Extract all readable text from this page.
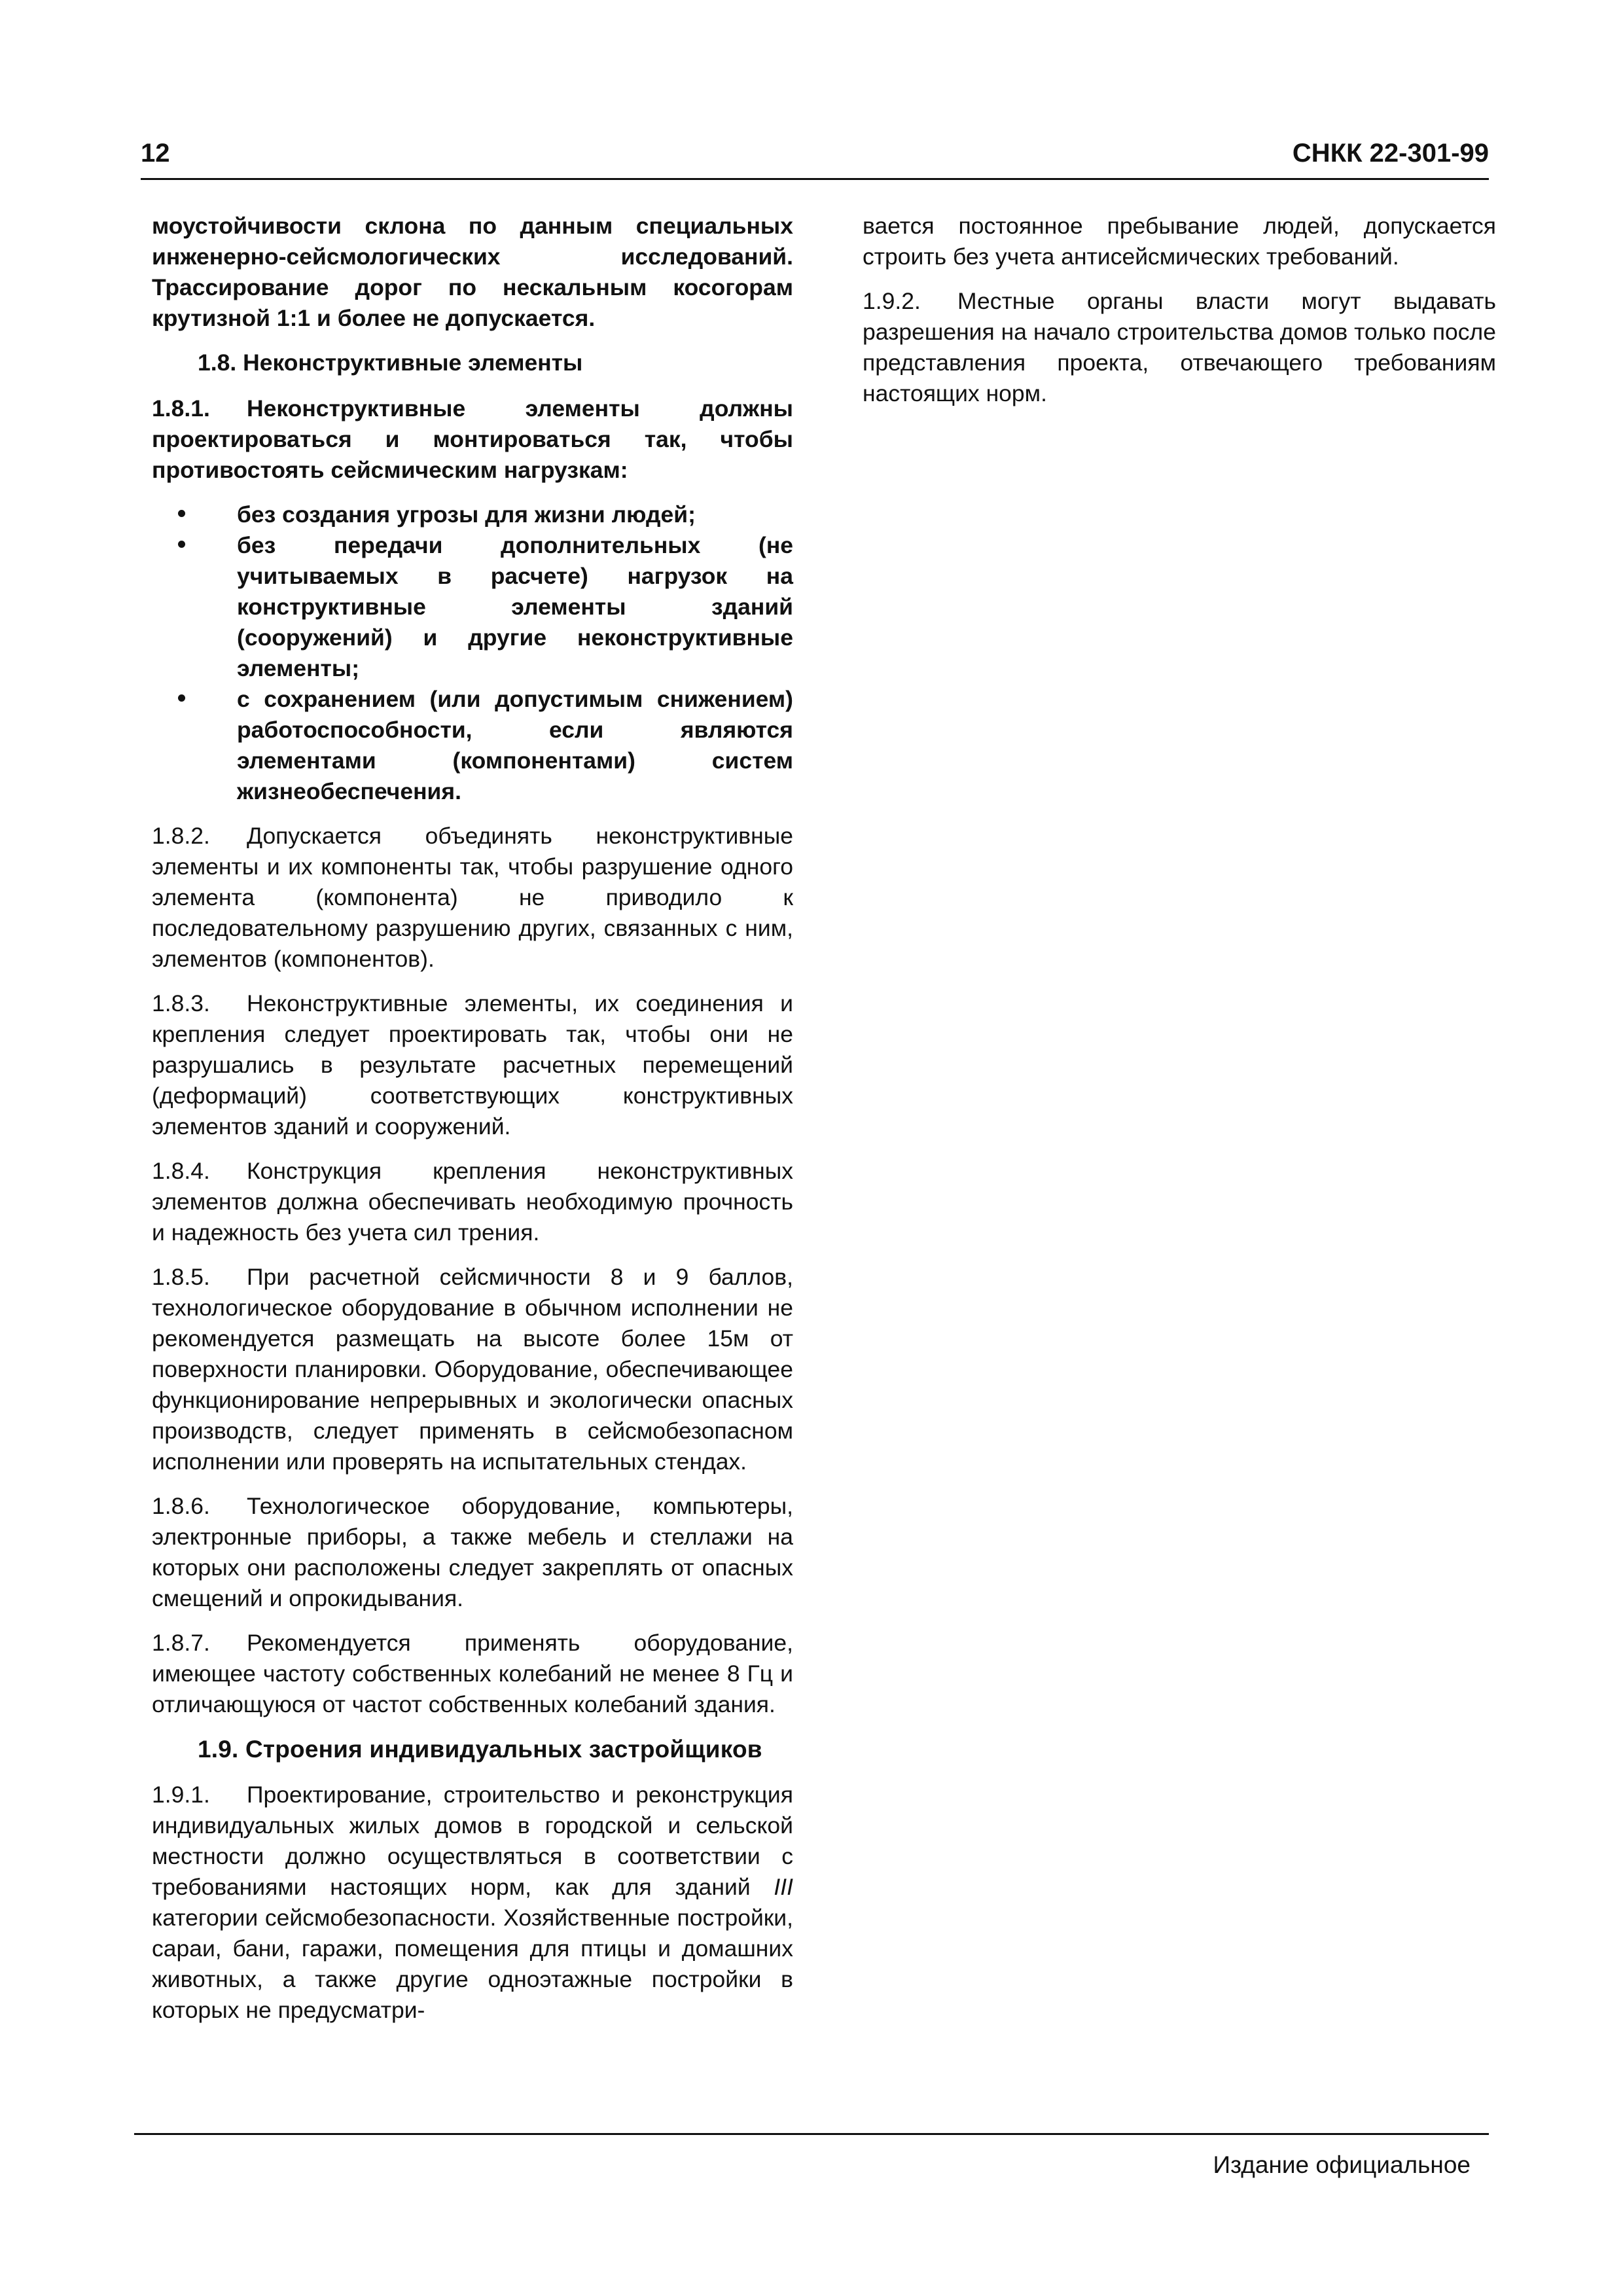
12	СНКК 22-301-99

моустойчивости склона по данным специальных инженерно-сейсмологических исследований. Трассирование дорог по нескальным косогорам крутизной 1:1 и более не допускается.

1.8. Неконструктивные элементы

1.8.1. Неконструктивные элементы должны проектироваться и монтироваться так, чтобы противостоять сейсмическим нагрузкам:

без создания угрозы для жизни людей;
без передачи дополнительных (не учитываемых в расчете) нагрузок на конструктивные элементы зданий (сооружений) и другие неконструктивные элементы;
с сохранением (или допустимым снижением) работоспособности, если являются элементами (компонентами) систем жизнеобеспечения.

1.8.2. Допускается объединять неконструктивные элементы и их компоненты так, чтобы разрушение одного элемента (компонента) не приводило к последовательному разрушению других, связанных с ним, элементов (компонентов).

1.8.3. Неконструктивные элементы, их соединения и крепления следует проектировать так, чтобы они не разрушались в результате расчетных перемещений (деформаций) соответствующих конструктивных элементов зданий и сооружений.

1.8.4. Конструкция крепления неконструктивных элементов должна обеспечивать необходимую прочность и надежность без учета сил трения.

1.8.5. При расчетной сейсмичности 8 и 9 баллов, технологическое оборудование в обычном исполнении не рекомендуется размещать на высоте более 15м от поверхности планировки. Оборудование, обеспечивающее функционирование непрерывных и экологически опасных производств, следует применять в сейсмобезопасном исполнении или проверять на испытательных стендах.

1.8.6. Технологическое оборудование, компьютеры, электронные приборы, а также мебель и стеллажи на которых они расположены следует закреплять от опасных смещений и опрокидывания.

1.8.7. Рекомендуется применять оборудование, имеющее частоту собственных колебаний не менее 8 Гц и отличающуюся от частот собственных колебаний здания.

1.9. Строения индивидуальных застройщиков

1.9.1. Проектирование, строительство и реконструкция индивидуальных жилых домов в городской и сельской местности должно осуществляться в соответствии с требованиями настоящих норм, как для зданий III категории сейсмобезопасности. Хозяйственные постройки, сараи, бани, гаражи, помещения для птицы и домашних животных, а также другие одноэтажные постройки в которых не предусматри-

вается постоянное пребывание людей, допускается строить без учета антисейсмических требований.

1.9.2. Местные органы власти могут выдавать разрешения на начало строительства домов только после представления проекта, отвечающего требованиям настоящих норм.

Издание официальное
